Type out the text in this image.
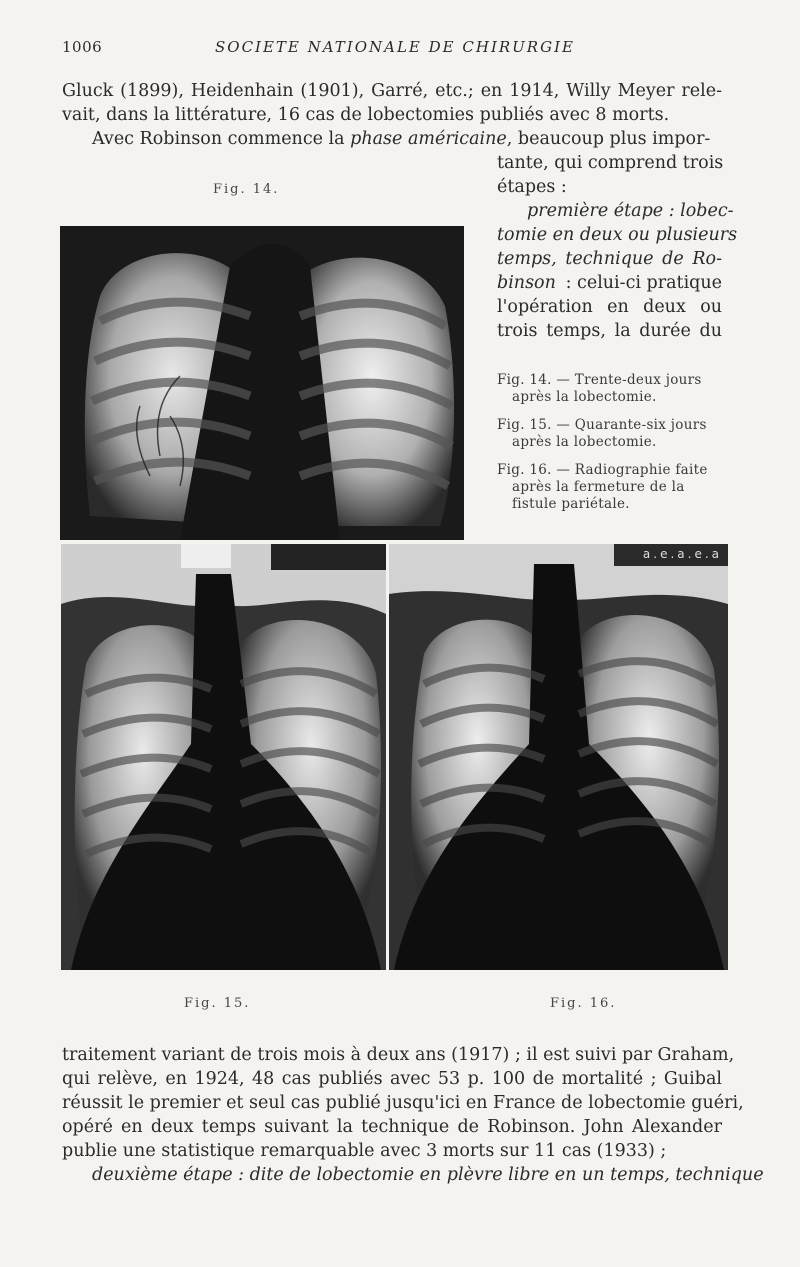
1006	SOCIETE NATIONALE DE CHIRURGIE
Gluck (1899), Heidenhain (1901), Garré, etc.; en 1914, Willy Meyer rele-
vait, dans la littérature, 16 cas de lobectomies publiés avec 8 morts.
Avec Robinson commence la phase américaine, beaucoup plus impor-
tante, qui comprend trois
étapes :
première étape : lobec-
tomie en deux ou plusieurs
temps, technique de Ro-
binson : celui-ci pratique
l'opération en deux ou
trois temps, la durée du
Fig. 14.
Fig. 14. — Trente-deux jours
après la lobectomie.
Fig. 15. — Quarante-six jours
après la lobectomie.
Fig. 16. — Radiographie faite
après la fermeture de la
fistule pariétale.
a.e.a.e.a
Fig. 15.	Fig. 16.
traitement variant de trois mois à deux ans (1917) ; il est suivi par Graham,
qui relève, en 1924, 48 cas publiés avec 53 p. 100 de mortalité ; Guibal
réussit le premier et seul cas publié jusqu'ici en France de lobectomie guéri,
opéré en deux temps suivant la technique de Robinson. John Alexander
publie une statistique remarquable avec 3 morts sur 11 cas (1933) ;
deuxième étape : dite de lobectomie en plèvre libre en un temps, technique
